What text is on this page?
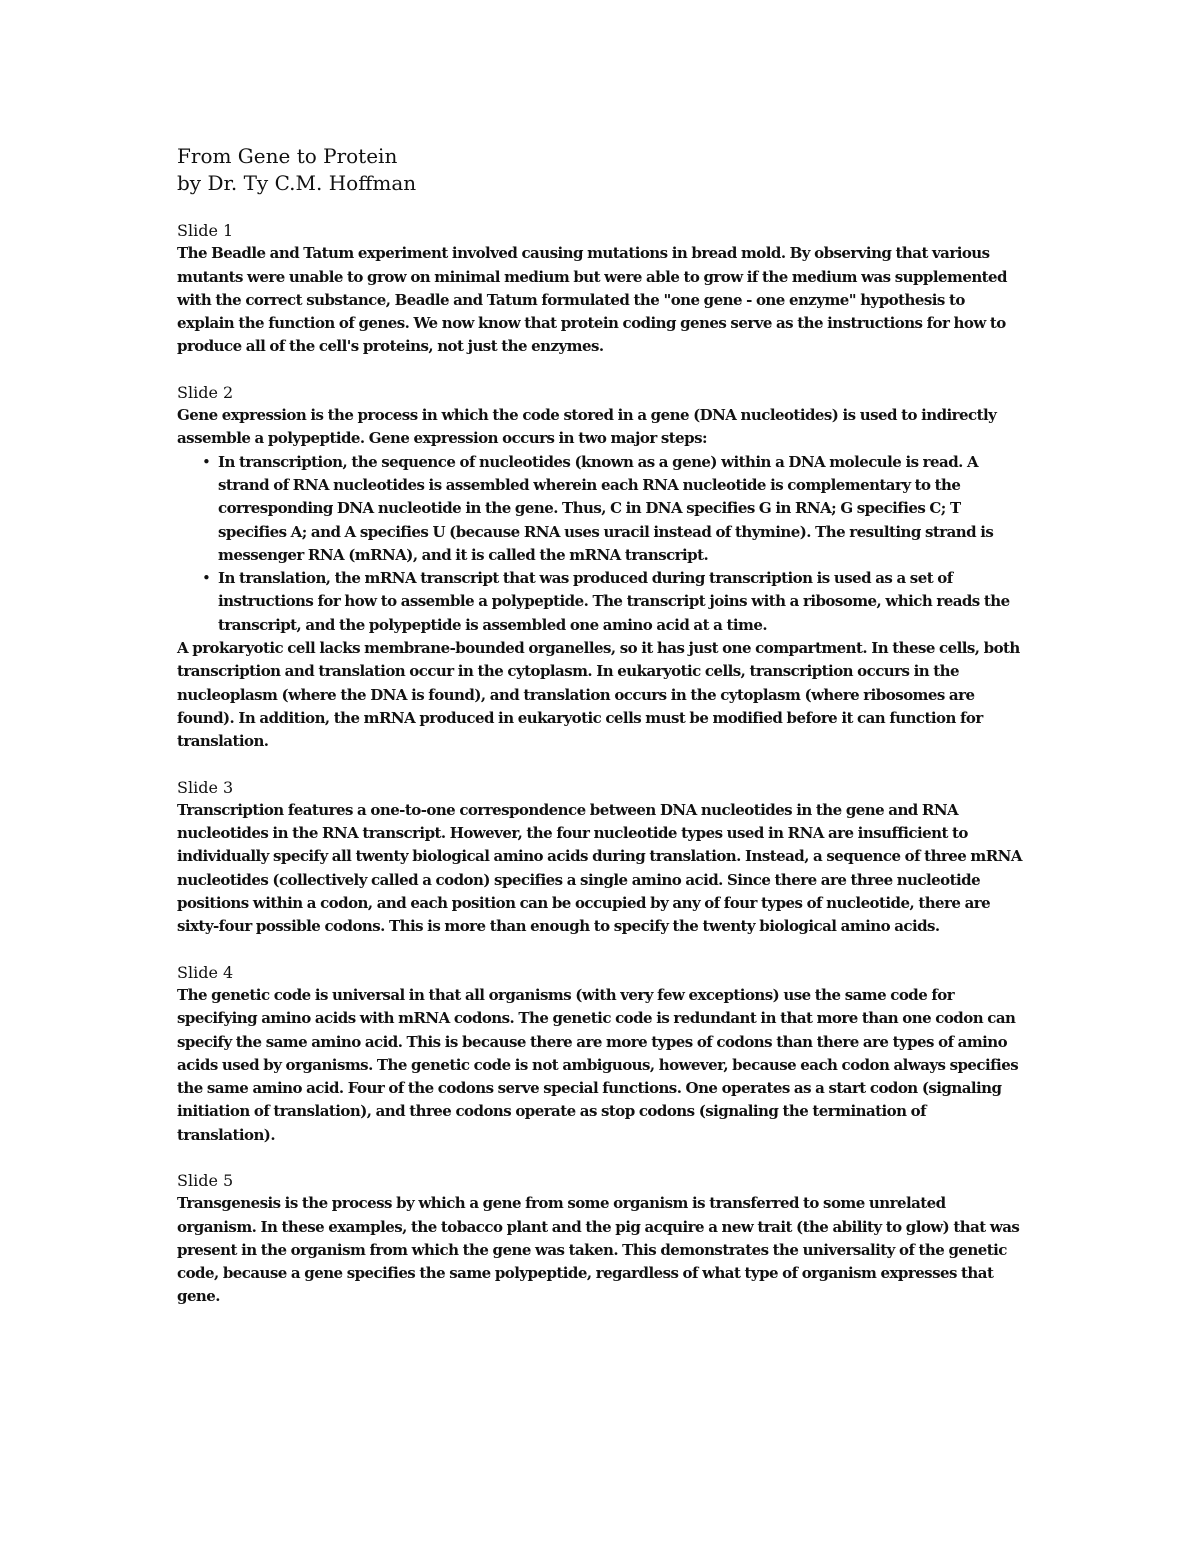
From Gene to Protein
by Dr. Ty C.M. Hoffman
Slide 1

The Beadle and Tatum experiment involved causing mutations in bread mold. By observing that various mutants were unable to grow on minimal medium but were able to grow if the medium was supplemented with the correct substance, Beadle and Tatum formulated the "one gene - one enzyme" hypothesis to explain the function of genes. We now know that protein coding genes serve as the instructions for how to produce all of the cell's proteins, not just the enzymes.

Slide 2

Gene expression is the process in which the code stored in a gene (DNA nucleotides) is used to indirectly assemble a polypeptide. Gene expression occurs in two major steps:

• In transcription, the sequence of nucleotides (known as a gene) within a DNA molecule is read. A strand of RNA nucleotides is assembled wherein each RNA nucleotide is complementary to the corresponding DNA nucleotide in the gene. Thus, C in DNA specifies G in RNA; G specifies C; T specifies A; and A specifies U (because RNA uses uracil instead of thymine). The resulting strand is messenger RNA (mRNA), and it is called the mRNA transcript.
• In translation, the mRNA transcript that was produced during transcription is used as a set of instructions for how to assemble a polypeptide. The transcript joins with a ribosome, which reads the transcript, and the polypeptide is assembled one amino acid at a time.

A prokaryotic cell lacks membrane-bounded organelles, so it has just one compartment. In these cells, both transcription and translation occur in the cytoplasm. In eukaryotic cells, transcription occurs in the nucleoplasm (where the DNA is found), and translation occurs in the cytoplasm (where ribosomes are found). In addition, the mRNA produced in eukaryotic cells must be modified before it can function for translation.

Slide 3

Transcription features a one-to-one correspondence between DNA nucleotides in the gene and RNA nucleotides in the RNA transcript. However, the four nucleotide types used in RNA are insufficient to individually specify all twenty biological amino acids during translation. Instead, a sequence of three mRNA nucleotides (collectively called a codon) specifies a single amino acid. Since there are three nucleotide positions within a codon, and each position can be occupied by any of four types of nucleotide, there are sixty-four possible codons. This is more than enough to specify the twenty biological amino acids.

Slide 4

The genetic code is universal in that all organisms (with very few exceptions) use the same code for specifying amino acids with mRNA codons. The genetic code is redundant in that more than one codon can specify the same amino acid. This is because there are more types of codons than there are types of amino acids used by organisms. The genetic code is not ambiguous, however, because each codon always specifies the same amino acid. Four of the codons serve special functions. One operates as a start codon (signaling initiation of translation), and three codons operate as stop codons (signaling the termination of translation).

Slide 5

Transgenesis is the process by which a gene from some organism is transferred to some unrelated organism. In these examples, the tobacco plant and the pig acquire a new trait (the ability to glow) that was present in the organism from which the gene was taken. This demonstrates the universality of the genetic code, because a gene specifies the same polypeptide, regardless of what type of organism expresses that gene.
